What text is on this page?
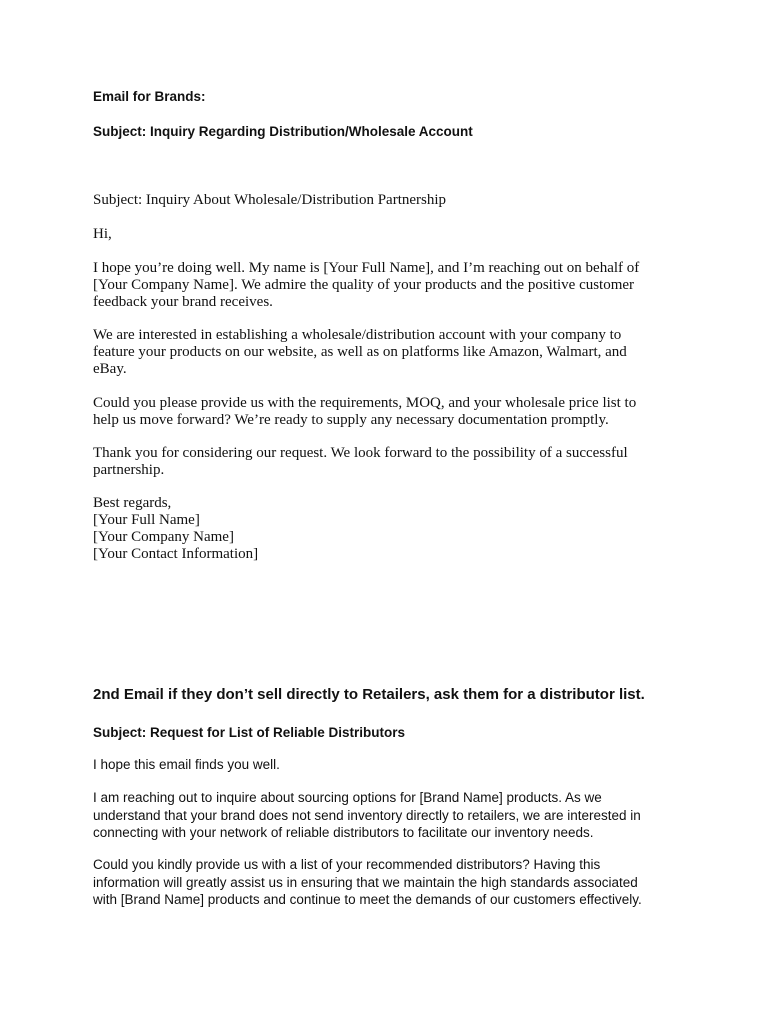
Email for Brands:

Subject: Inquiry Regarding Distribution/Wholesale Account

Subject: Inquiry About Wholesale/Distribution Partnership

Hi,

I hope you’re doing well. My name is [Your Full Name], and I’m reaching out on behalf of
[Your Company Name]. We admire the quality of your products and the positive customer
feedback your brand receives.

We are interested in establishing a wholesale/distribution account with your company to
feature your products on our website, as well as on platforms like Amazon, Walmart, and
eBay.

Could you please provide us with the requirements, MOQ, and your wholesale price list to
help us move forward? We’re ready to supply any necessary documentation promptly.

Thank you for considering our request. We look forward to the possibility of a successful
partnership.

Best regards,
[Your Full Name]
[Your Company Name]
[Your Contact Information]

2nd Email if they don’t sell directly to Retailers, ask them for a distributor list.

Subject: Request for List of Reliable Distributors

I hope this email finds you well.

I am reaching out to inquire about sourcing options for [Brand Name] products. As we
understand that your brand does not send inventory directly to retailers, we are interested in
connecting with your network of reliable distributors to facilitate our inventory needs.

Could you kindly provide us with a list of your recommended distributors? Having this
information will greatly assist us in ensuring that we maintain the high standards associated
with [Brand Name] products and continue to meet the demands of our customers effectively.
